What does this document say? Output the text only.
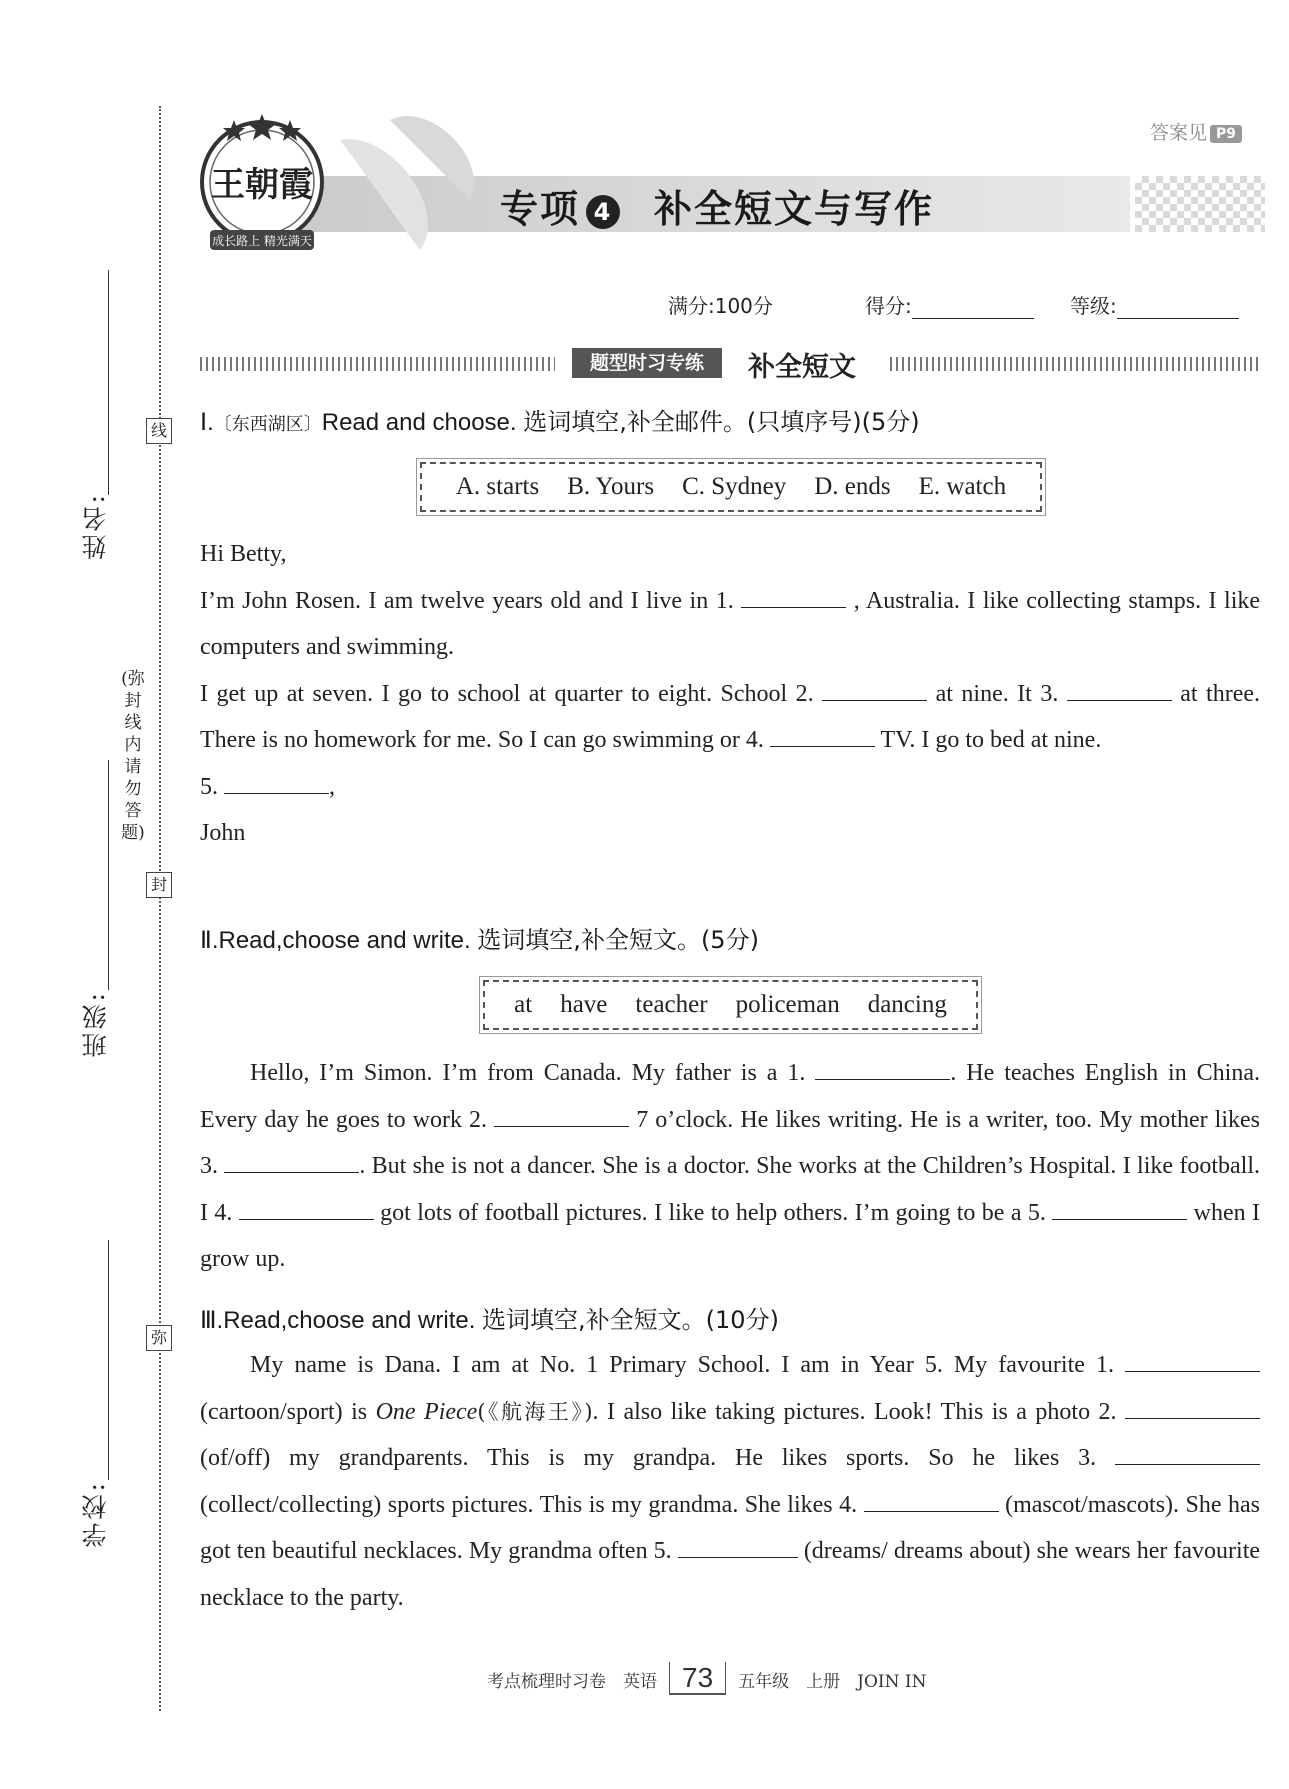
姓名:
班级:
学校:
线
封
弥
(弥封线内请勿答题)
王朝霞
成长路上 精光满天
答案见 P9
专项 4 补全短文与写作
满分:100分	得分:	等级:
题型时习专练	补全短文
Ⅰ.〔东西湖区〕Read and choose. 选词填空,补全邮件。(只填序号)(5分)
A. starts B. Yours C. Sydney D. ends E. watch

Hi Betty,

I’m John Rosen. I am twelve years old and I live in 1.	, Australia. I like collecting stamps. I like computers and swimming.

I get up at seven. I go to school at quarter to eight. School 2.	at nine. It 3.	at three. There is no homework for me. So I can go swimming or 4.	TV. I go to bed at nine.

5.	,

John

Ⅱ.Read,choose and write. 选词填空,补全短文。(5分)
at have teacher policeman dancing

Hello, I’m Simon. I’m from Canada. My father is a 1.	. He teaches English in China. Every day he goes to work 2.	7 o’clock. He likes writing. He is a writer, too. My mother likes 3.	. But she is not a dancer. She is a doctor. She works at the Children’s Hospital. I like football. I 4.	got lots of football pictures. I like to help others. I’m going to be a 5.	when I grow up.

Ⅲ.Read,choose and write. 选词填空,补全短文。(10分)

My name is Dana. I am at No. 1 Primary School. I am in Year 5. My favourite 1.  (cartoon/sport) is One Piece(《航海王》). I also like taking pictures. Look! This is a photo 2.  (of/off) my grandparents. This is my grandpa. He likes sports. So he likes 3.  (collect/collecting) sports pictures. This is my grandma. She likes 4.	(mascot/mascots). She has got ten beautiful necklaces. My grandma often 5.	(dreams/ dreams about) she wears her favourite necklace to the party.

考点梳理时习卷　英语 73 五年级　上册　JOIN IN
